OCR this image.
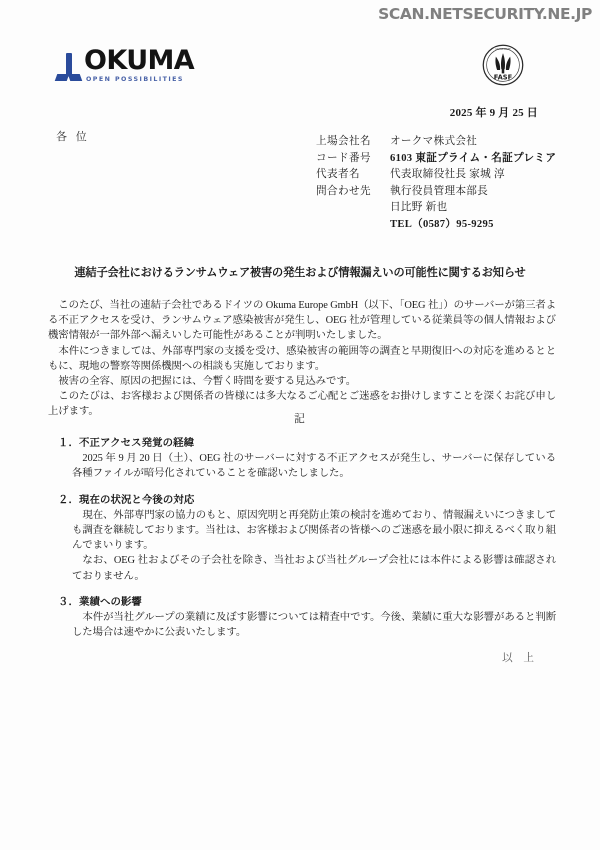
SCAN.NETSECURITY.NE.JP
OKUMA
OPEN POSSIBILITIES	FASF
GRAND PRIZE
2025 年 9 月 25 日
各 位	上場会社名	オークマ株式会社
コード番号	6103 東証プライム・名証プレミア
代表者名	代表取締役社長 家城 淳
問合わせ先	執行役員管理本部長
日比野 新也
TEL（0587）95-9295
連結子会社におけるランサムウェア被害の発生および情報漏えいの可能性に関するお知らせ

このたび、当社の連結子会社であるドイツの Okuma Europe GmbH（以下、「OEG 社」）のサーバーが第三者よる不正アクセスを受け、ランサムウェア感染被害が発生し、OEG 社が管理している従業員等の個人情報および機密情報が一部外部へ漏えいした可能性があることが判明いたしました。

本件につきましては、外部専門家の支援を受け、感染被害の範囲等の調査と早期復旧への対応を進めるとともに、現地の警察等関係機関への相談も実施しております。

被害の全容、原因の把握には、今暫く時間を要する見込みです。

このたびは、お客様および関係者の皆様には多大なるご心配とご迷惑をお掛けしますことを深くお詫び申し上げます。

記
１．不正アクセス発覚の経緯

2025 年 9 月 20 日（土）、OEG 社のサーバーに対する不正アクセスが発生し、サーバーに保存している各種ファイルが暗号化されていることを確認いたしました。

２．現在の状況と今後の対応

現在、外部専門家の協力のもと、原因究明と再発防止策の検討を進めており、情報漏えいにつきましても調査を継続しております。当社は、お客様および関係者の皆様へのご迷惑を最小限に抑えるべく取り組んでまいります。

なお、OEG 社およびその子会社を除き、当社および当社グループ会社には本件による影響は確認されておりません。

３．業績への影響

本件が当社グループの業績に及ぼす影響については精査中です。今後、業績に重大な影響があると判断した場合は速やかに公表いたします。

以 上
